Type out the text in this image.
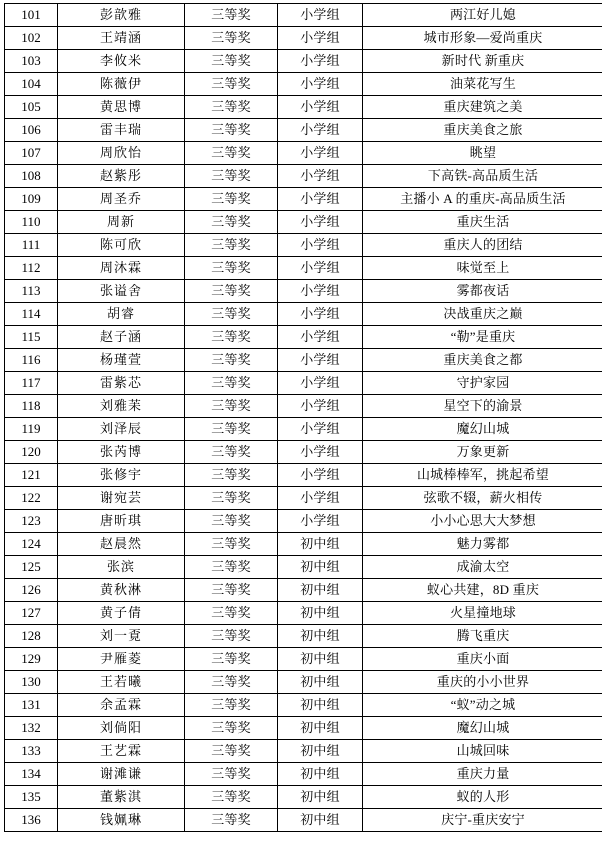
101	彭歆雅	三等奖	小学组	两江好儿媳

102	王靖涵	三等奖	小学组	城市形象—爱尚重庆

103	李攸米	三等奖	小学组	新时代 新重庆

104	陈薇伊	三等奖	小学组	油菜花写生

105	黄思博	三等奖	小学组	重庆建筑之美

106	雷丰瑞	三等奖	小学组	重庆美食之旅

107	周欣怡	三等奖	小学组	眺望

108	赵紫彤	三等奖	小学组	下高铁-高品质生活

109	周圣乔	三等奖	小学组	主播小 A 的重庆-高品质生活

110	周新	三等奖	小学组	重庆生活

111	陈可欣	三等奖	小学组	重庆人的团结

112	周沐霖	三等奖	小学组	味觉至上

113	张谥舍	三等奖	小学组	雾都夜话

114	胡睿	三等奖	小学组	决战重庆之巅

115	赵子涵	三等奖	小学组	“勒”是重庆

116	杨瑾萱	三等奖	小学组	重庆美食之都

117	雷紫芯	三等奖	小学组	守护家园

118	刘雅苿	三等奖	小学组	星空下的渝景

119	刘泽辰	三等奖	小学组	魔幻山城

120	张芮博	三等奖	小学组	万象更新

121	张修宇	三等奖	小学组	山城棒棒军，挑起希望

122	谢宛芸	三等奖	小学组	弦歌不辍，薪火相传

123	唐昕琪	三等奖	小学组	小小心思大大梦想

124	赵晨然	三等奖	初中组	魅力雾都

125	张滨	三等奖	初中组	成渝太空

126	黄秋淋	三等奖	初中组	蚁心共建，8D 重庆

127	黄子倩	三等奖	初中组	火星撞地球

128	刘一覔	三等奖	初中组	腾飞重庆

129	尹雁菱	三等奖	初中组	重庆小面

130	王若曦	三等奖	初中组	重庆的小小世界

131	余孟霖	三等奖	初中组	“蚁”动之城

132	刘倘阳	三等奖	初中组	魔幻山城

133	王艺霖	三等奖	初中组	山城回味

134	谢滩谦	三等奖	初中组	重庆力量

135	董紫淇	三等奖	初中组	蚁的人形

136	钱姵琳	三等奖	初中组	庆宁-重庆安宁
